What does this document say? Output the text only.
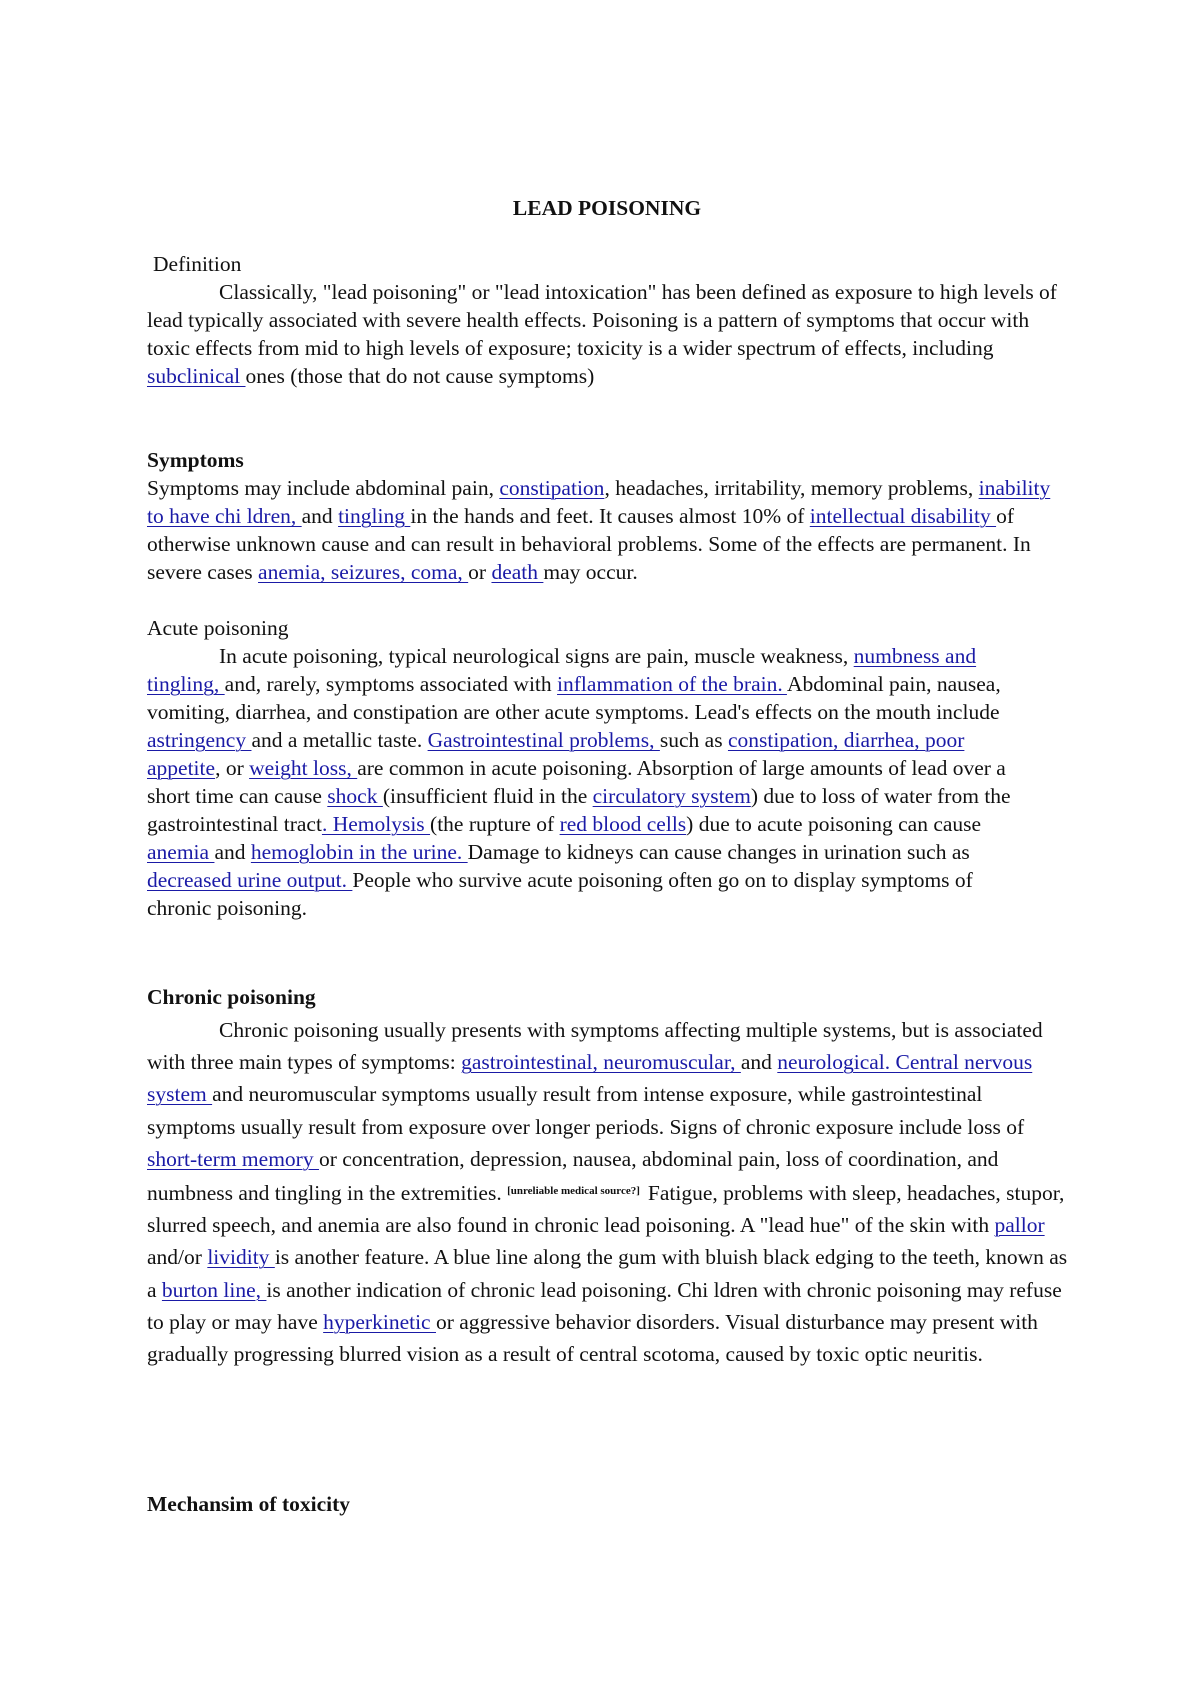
LEAD POISONING
Definition
Classically, "lead poisoning" or "lead intoxication" has been defined as exposure to high levels of lead typically associated with severe health effects. Poisoning is a pattern of symptoms that occur with toxic effects from mid to high levels of exposure; toxicity is a wider spectrum of effects, including subclinical ones (those that do not cause symptoms)
Symptoms
Symptoms may include abdominal pain, constipation, headaches, irritability, memory problems, inability to have chi ldren, and tingling in the hands and feet. It causes almost 10% of intellectual disability of otherwise unknown cause and can result in behavioral problems. Some of the effects are permanent. In severe cases anemia, seizures, coma, or death may occur.
Acute poisoning
In acute poisoning, typical neurological signs are pain, muscle weakness, numbness and tingling, and, rarely, symptoms associated with inflammation of the brain. Abdominal pain, nausea, vomiting, diarrhea, and constipation are other acute symptoms. Lead's effects on the mouth include astringency and a metallic taste. Gastrointestinal problems, such as constipation, diarrhea, poor appetite, or weight loss, are common in acute poisoning. Absorption of large amounts of lead over a short time can cause shock (insufficient fluid in the circulatory system) due to loss of water from the gastrointestinal tract. Hemolysis (the rupture of red blood cells) due to acute poisoning can cause anemia and hemoglobin in the urine. Damage to kidneys can cause changes in urination such as decreased urine output. People who survive acute poisoning often go on to display symptoms of chronic poisoning.
Chronic poisoning
Chronic poisoning usually presents with symptoms affecting multiple systems, but is associated with three main types of symptoms: gastrointestinal, neuromuscular, and neurological. Central nervous system and neuromuscular symptoms usually result from intense exposure, while gastrointestinal symptoms usually result from exposure over longer periods. Signs of chronic exposure include loss of short-term memory or concentration, depression, nausea, abdominal pain, loss of coordination, and numbness and tingling in the extremities. [unreliable medical source?] Fatigue, problems with sleep, headaches, stupor, slurred speech, and anemia are also found in chronic lead poisoning. A "lead hue" of the skin with pallor and/or lividity is another feature. A blue line along the gum with bluish black edging to the teeth, known as a burton line, is another indication of chronic lead poisoning. Chi ldren with chronic poisoning may refuse to play or may have hyperkinetic or aggressive behavior disorders. Visual disturbance may present with gradually progressing blurred vision as a result of central scotoma, caused by toxic optic neuritis.
Mechansim of toxicity
